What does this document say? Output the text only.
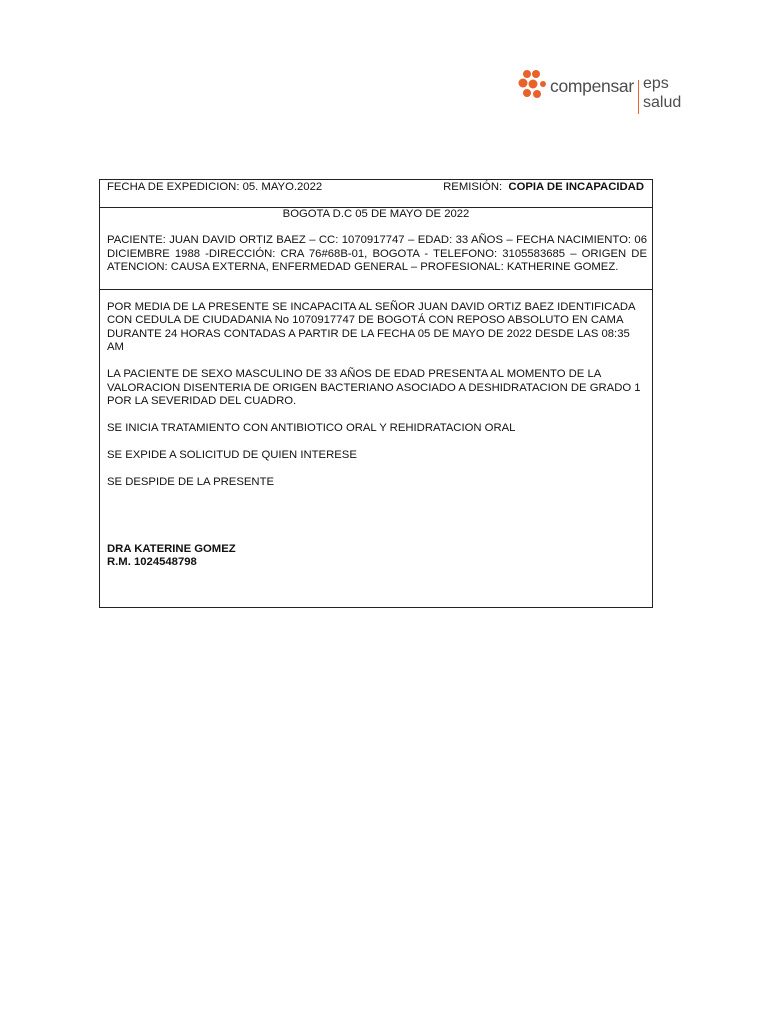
compensar eps
salud
FECHA DE EXPEDICION: 05. MAYO.2022	REMISIÓN: COPIA DE INCAPACIDAD
BOGOTA D.C 05 DE MAYO DE 2022
PACIENTE: JUAN DAVID ORTIZ BAEZ – CC: 1070917747 – EDAD: 33 AÑOS – FECHA NACIMIENTO: 06 DICIEMBRE 1988 -DIRECCIÓN: CRA 76#68B-01, BOGOTA - TELEFONO: 3105583685 – ORIGEN DE ATENCION: CAUSA EXTERNA, ENFERMEDAD GENERAL – PROFESIONAL: KATHERINE GOMEZ.

POR MEDIA DE LA PRESENTE SE INCAPACITA AL SEÑOR JUAN DAVID ORTIZ BAEZ IDENTIFICADA CON CEDULA DE CIUDADANIA No 1070917747 DE BOGOTÁ CON REPOSO ABSOLUTO EN CAMA DURANTE 24 HORAS CONTADAS A PARTIR DE LA FECHA 05 DE MAYO DE 2022 DESDE LAS 08:35 AM

LA PACIENTE DE SEXO MASCULINO DE 33 AÑOS DE EDAD PRESENTA AL MOMENTO DE LA VALORACION DISENTERIA DE ORIGEN BACTERIANO ASOCIADO A DESHIDRATACION DE GRADO 1 POR LA SEVERIDAD DEL CUADRO.

SE INICIA TRATAMIENTO CON ANTIBIOTICO ORAL Y REHIDRATACION ORAL

SE EXPIDE A SOLICITUD DE QUIEN INTERESE

SE DESPIDE DE LA PRESENTE

DRA KATERINE GOMEZ
R.M. 1024548798
